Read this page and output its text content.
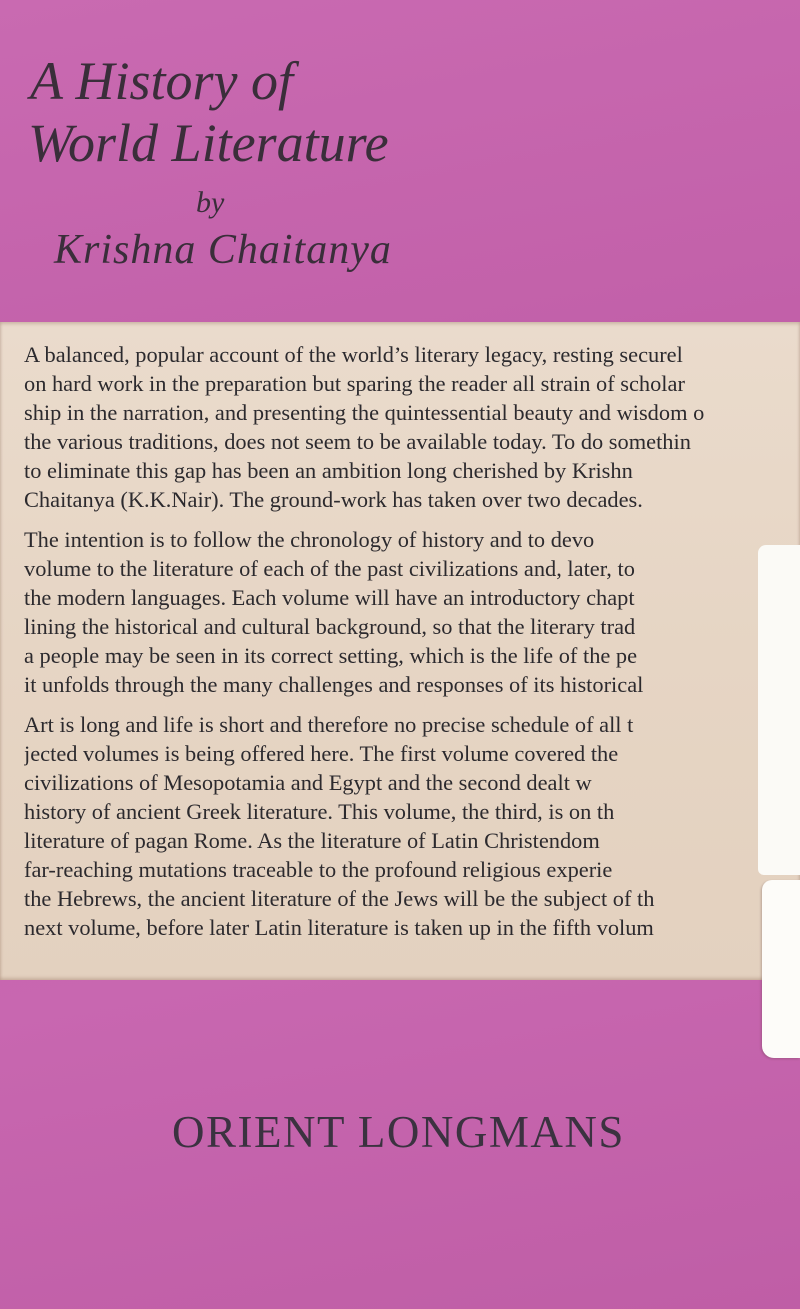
A History of
World Literature
by
Krishna Chaitanya

A balanced, popular account of the world’s literary legacy, resting securel
on hard work in the preparation but sparing the reader all strain of scholar
ship in the narration, and presenting the quintessential beauty and wisdom o
the various traditions, does not seem to be available today. To do somethin
to eliminate this gap has been an ambition long cherished by Krishn
Chaitanya (K.K.Nair). The ground-work has taken over two decades.

The intention is to follow the chronology of history and to devo
volume to the literature of each of the past civilizations and, later, to
the modern languages. Each volume will have an introductory chapt
lining the historical and cultural background, so that the literary trad
a people may be seen in its correct setting, which is the life of the pe
it unfolds through the many challenges and responses of its historical

Art is long and life is short and therefore no precise schedule of all t
jected volumes is being offered here. The first volume covered the
civilizations of Mesopotamia and Egypt and the second dealt w
history of ancient Greek literature. This volume, the third, is on th
literature of pagan Rome. As the literature of Latin Christendom
far-reaching mutations traceable to the profound religious experie
the Hebrews, the ancient literature of the Jews will be the subject of th
next volume, before later Latin literature is taken up in the fifth volum

ORIENT LONGMANS
